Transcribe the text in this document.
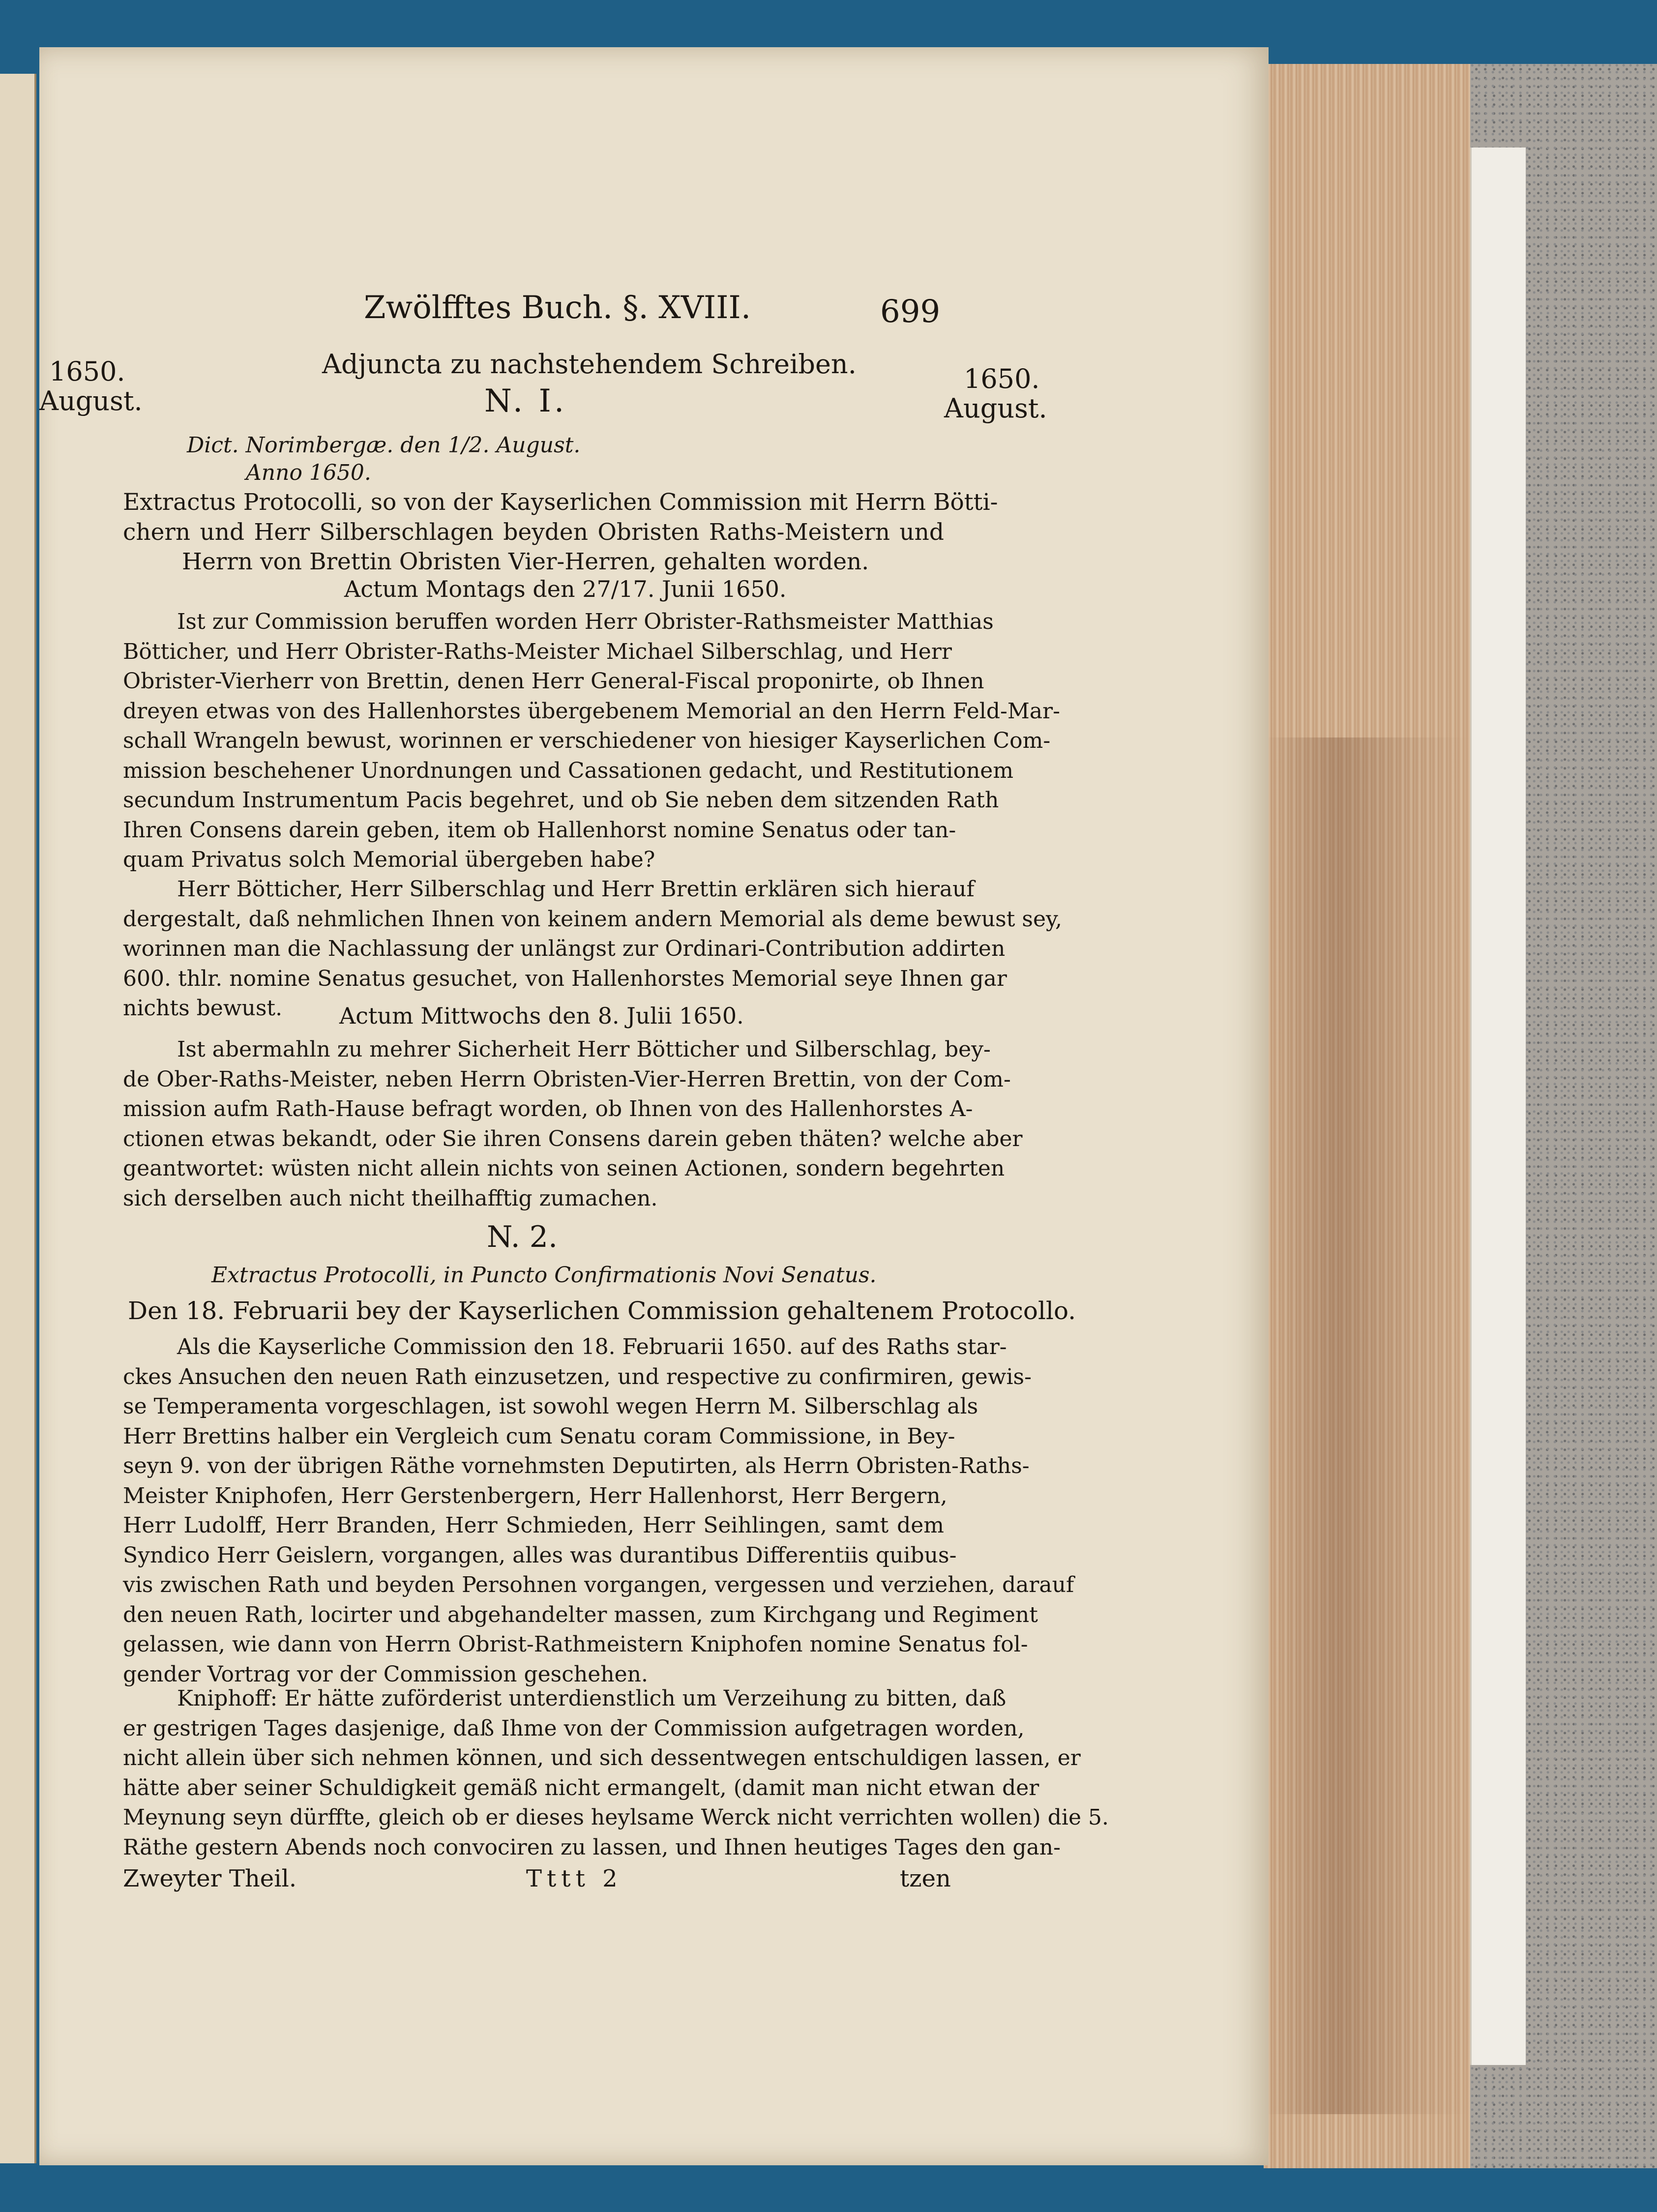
Zwölfftes Buch. §. XVIII.	699
1650.
August.
1650.
August.
Adjuncta zu nachstehendem Schreiben.
N. I.
Dict. Norimbergæ. den 1/2. August.
Anno 1650.
Extractus Protocolli, so von der Kayserlichen Commission mit Herrn Bötti-
chern und Herr Silberschlagen beyden Obristen Raths-Meistern und
Herrn von Brettin Obristen Vier-Herren, gehalten worden.
Actum Montags den 27/17. Junii 1650.
Ist zur Commission beruffen worden Herr Obrister-Rathsmeister Matthias
Bötticher, und Herr Obrister-Raths-Meister Michael Silberschlag, und Herr
Obrister-Vierherr von Brettin, denen Herr General-Fiscal proponirte, ob Ihnen
dreyen etwas von des Hallenhorstes übergebenem Memorial an den Herrn Feld-Mar-
schall Wrangeln bewust, worinnen er verschiedener von hiesiger Kayserlichen Com-
mission beschehener Unordnungen und Cassationen gedacht, und Restitutionem
secundum Instrumentum Pacis begehret, und ob Sie neben dem sitzenden Rath
Ihren Consens darein geben, item ob Hallenhorst nomine Senatus oder tan-
quam Privatus solch Memorial übergeben habe?
Herr Bötticher, Herr Silberschlag und Herr Brettin erklären sich hierauf
dergestalt, daß nehmlichen Ihnen von keinem andern Memorial als deme bewust sey,
worinnen man die Nachlassung der unlängst zur Ordinari-Contribution addirten
600. thlr. nomine Senatus gesuchet, von Hallenhorstes Memorial seye Ihnen gar
nichts bewust.	Actum Mittwochs den 8. Julii 1650.
Ist abermahln zu mehrer Sicherheit Herr Bötticher und Silberschlag, bey-
de Ober-Raths-Meister, neben Herrn Obristen-Vier-Herren Brettin, von der Com-
mission aufm Rath-Hause befragt worden, ob Ihnen von des Hallenhorstes A-
ctionen etwas bekandt, oder Sie ihren Consens darein geben thäten? welche aber
geantwortet: wüsten nicht allein nichts von seinen Actionen, sondern begehrten
sich derselben auch nicht theilhafftig zumachen.
N. 2.
Extractus Protocolli, in Puncto Confirmationis Novi Senatus.
Den 18. Februarii bey der Kayserlichen Commission gehaltenem Protocollo.
Als die Kayserliche Commission den 18. Februarii 1650. auf des Raths star-
ckes Ansuchen den neuen Rath einzusetzen, und respective zu confirmiren, gewis-
se Temperamenta vorgeschlagen, ist sowohl wegen Herrn M. Silberschlag als
Herr Brettins halber ein Vergleich cum Senatu coram Commissione, in Bey-
seyn 9. von der übrigen Räthe vornehmsten Deputirten, als Herrn Obristen-Raths-
Meister Kniphofen, Herr Gerstenbergern, Herr Hallenhorst, Herr Bergern,
Herr Ludolff, Herr Branden, Herr Schmieden, Herr Seihlingen, samt dem
Syndico Herr Geislern, vorgangen, alles was durantibus Differentiis quibus-
vis zwischen Rath und beyden Persohnen vorgangen, vergessen und verziehen, darauf
den neuen Rath, locirter und abgehandelter massen, zum Kirchgang und Regiment
gelassen, wie dann von Herrn Obrist-Rathmeistern Kniphofen nomine Senatus fol-
gender Vortrag vor der Commission geschehen.
Kniphoff: Er hätte zuförderist unterdienstlich um Verzeihung zu bitten, daß
er gestrigen Tages dasjenige, daß Ihme von der Commission aufgetragen worden,
nicht allein über sich nehmen können, und sich dessentwegen entschuldigen lassen, er
hätte aber seiner Schuldigkeit gemäß nicht ermangelt, (damit man nicht etwan der
Meynung seyn dürffte, gleich ob er dieses heylsame Werck nicht verrichten wollen) die 5.
Räthe gestern Abends noch convociren zu lassen, und Ihnen heutiges Tages den gan-
Zweyter Theil.	Tttt 2	tzen
